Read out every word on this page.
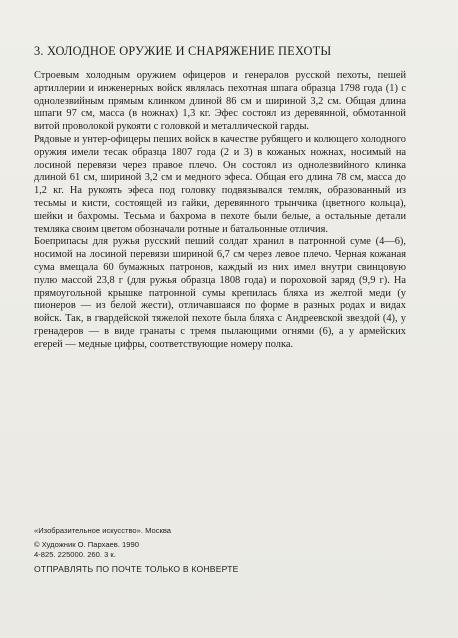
3. ХОЛОДНОЕ ОРУЖИЕ И СНАРЯЖЕНИЕ ПЕХОТЫ

Строевым холодным оружием офицеров и генералов русской пехоты, пешей артиллерии и инженерных войск являлась пехотная шпага образца 1798 года (1) с однолезвийным прямым клинком длиной 86 см и шириной 3,2 см. Общая длина шпаги 97 см, масса (в ножнах) 1,3 кг. Эфес состоял из деревянной, обмотанной витой проволокой рукояти с головкой и металлической гарды.

Рядовые и унтер-офицеры пеших войск в качестве рубящего и колющего холодного оружия имели тесак образца 1807 года (2 и 3) в кожаных ножнах, носимый на лосиной перевязи через правое плечо. Он состоял из однолезвийного клинка длиной 61 см, шириной 3,2 см и медного эфеса. Общая его длина 78 см, масса до 1,2 кг. На рукоять эфеса под головку подвязывался темляк, образованный из тесьмы и кисти, состоящей из гайки, деревянного трынчика (цветного кольца), шейки и бахромы. Тесьма и бахрома в пехоте были белые, а остальные детали темляка своим цветом обозначали ротные и батальонные отличия.

Боеприпасы для ружья русский пеший солдат хранил в патронной суме (4—6), носимой на лосиной перевязи шириной 6,7 см через левое плечо. Черная кожаная сума вмещала 60 бумажных патронов, каждый из них имел внутри свинцовую пулю массой 23,8 г (для ружья образца 1808 года) и пороховой заряд (9,9 г). На прямоугольной крышке патронной сумы крепилась бляха из желтой меди (у пионеров — из белой жести), отличавшаяся по форме в разных родах и видах войск. Так, в гвардейской тяжелой пехоте была бляха с Андреевской звездой (4), у гренадеров — в виде гранаты с тремя пылающими огнями (6), а у армейских егерей — медные цифры, соответствующие номеру полка.

«Изобразительное искусство». Москва
© Художник О. Пархаев. 1990
4-825. 225000. 260. 3 к.
ОТПРАВЛЯТЬ ПО ПОЧТЕ ТОЛЬКО В КОНВЕРТЕ
